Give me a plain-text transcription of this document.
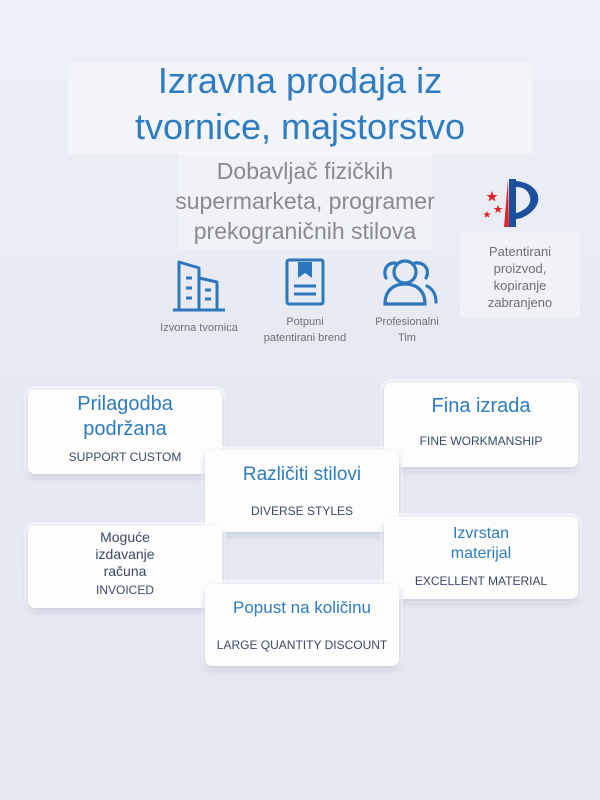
Izravna prodaja iz
tvornice, majstorstvo
Dobavljač fizičkih
supermarketa, programer
prekograničnih stilova
Patentirani
proizvod,
kopiranje
zabranjeno
Izvorna tvornica	Potpuni
patentirani brend
Profesionalni
Tim
Prilagodba
podržana
SUPPORT CUSTOM
Fina izrada
FINE WORKMANSHIP
Različiti stilovi
DIVERSE STYLES
Moguće
izdavanje
računa
INVOICED
Izvrstan
materijal
EXCELLENT MATERIAL
Popust na količinu
LARGE QUANTITY DISCOUNT
